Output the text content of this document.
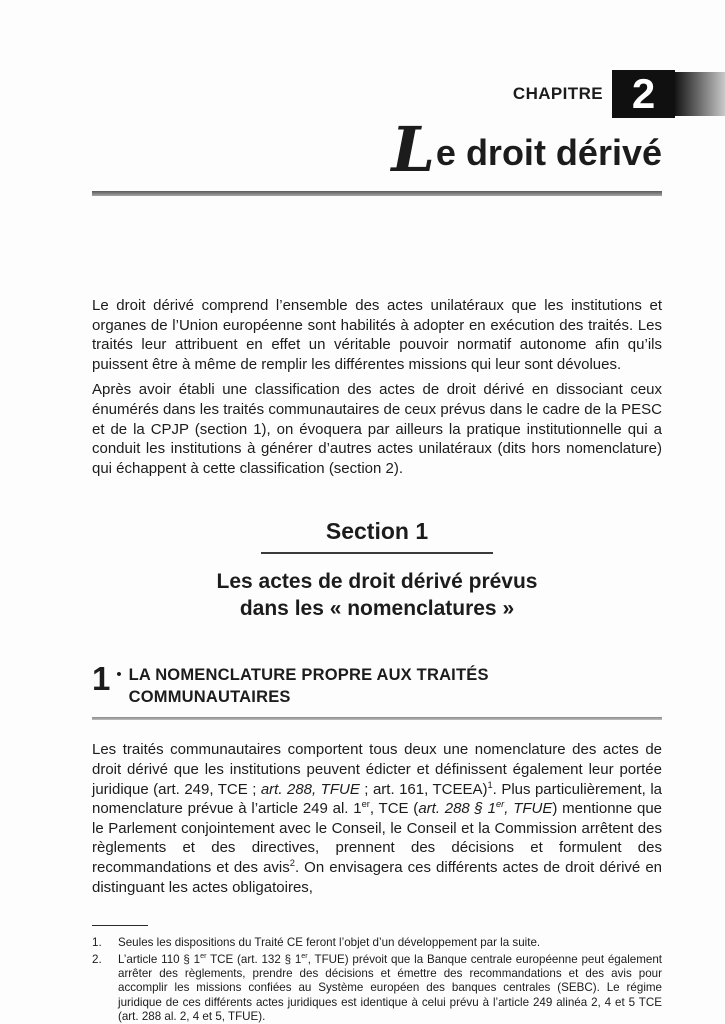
CHAPITRE 2
Le droit dérivé

Le droit dérivé comprend l’ensemble des actes unilatéraux que les institutions et organes de l’Union européenne sont habilités à adopter en exécution des traités. Les traités leur attribuent en effet un véritable pouvoir normatif autonome afin qu’ils puissent être à même de remplir les différentes missions qui leur sont dévolues.

Après avoir établi une classification des actes de droit dérivé en dissociant ceux énumérés dans les traités communautaires de ceux prévus dans le cadre de la PESC et de la CPJP (section 1), on évoquera par ailleurs la pratique institutionnelle qui a conduit les institutions à générer d’autres actes unilatéraux (dits hors nomenclature) qui échappent à cette classification (section 2).

Section 1
Les actes de droit dérivé prévus
dans les « nomenclatures »
1 • LA NOMENCLATURE PROPRE AUX TRAITÉS COMMUNAUTAIRES

Les traités communautaires comportent tous deux une nomenclature des actes de droit dérivé que les institutions peuvent édicter et définissent également leur portée juridique (art. 249, TCE ; art. 288, TFUE ; art. 161, TCEEA)$^1$. Plus particulièrement, la nomenclature prévue à l’article 249 al. 1er, TCE (art. 288 § 1er, TFUE) mentionne que le Parlement conjointement avec le Conseil, le Conseil et la Commission arrêtent des règlements et des directives, prennent des décisions et formulent des recommandations et des avis$^2$. On envisagera ces différents actes de droit dérivé en distinguant les actes obligatoires,

1. Seules les dispositions du Traité CE feront l’objet d’un développement par la suite.

2. L’article 110 § 1er TCE (art. 132 § 1er, TFUE) prévoit que la Banque centrale européenne peut également arrêter des règlements, prendre des décisions et émettre des recommandations et des avis pour accomplir les missions confiées au Système européen des banques centrales (SEBC). Le régime juridique de ces différents actes juridiques est identique à celui prévu à l’article 249 alinéa 2, 4 et 5 TCE (art. 288 al. 2, 4 et 5, TFUE).
